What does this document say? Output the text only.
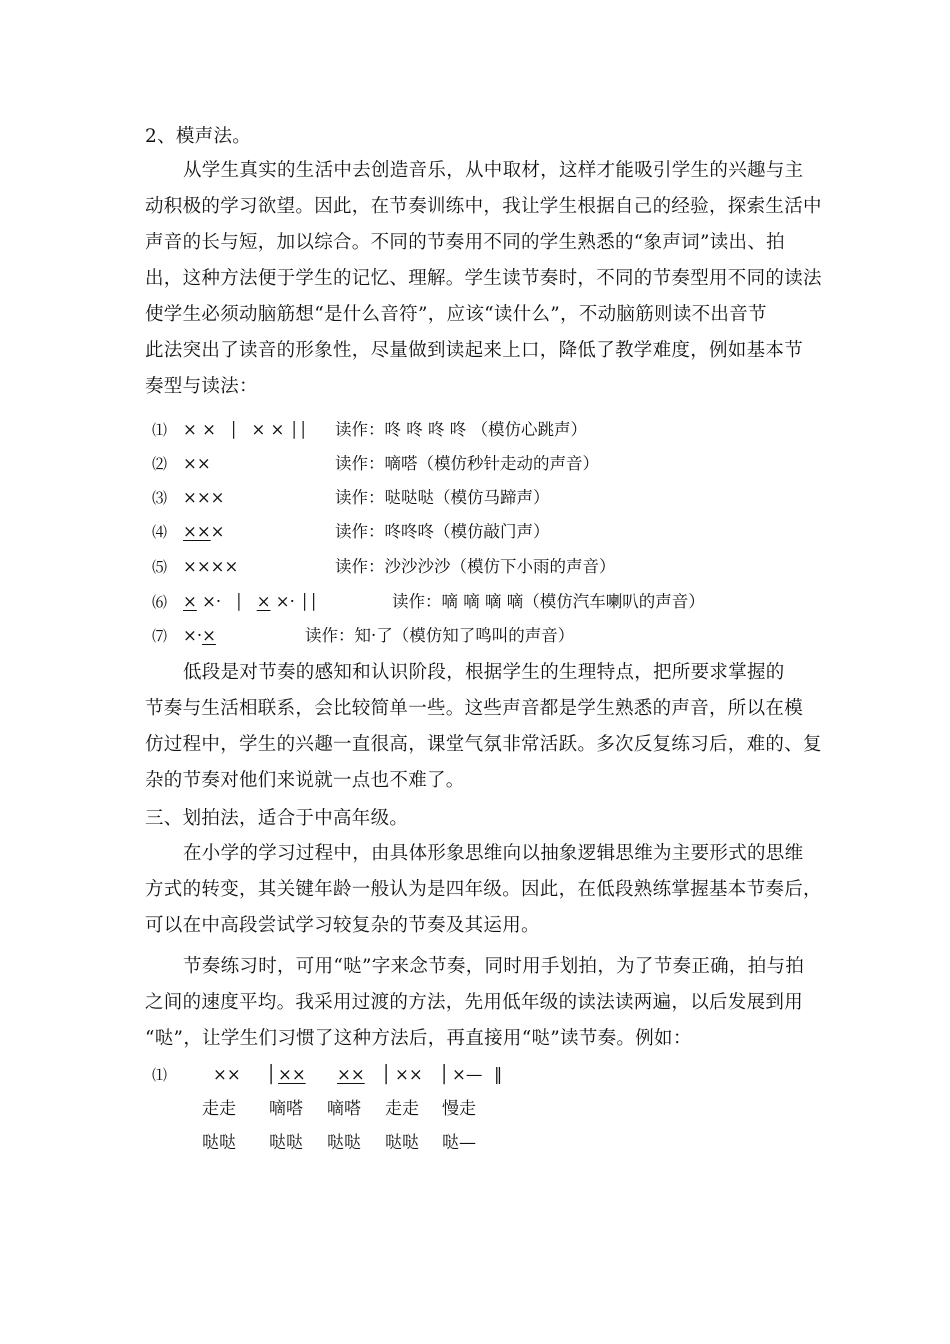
2、模声法。
从学生真实的生活中去创造音乐，从中取材，这样才能吸引学生的兴趣与主
动积极的学习欲望。因此，在节奏训练中，我让学生根据自己的经验，探索生活中
声音的长与短，加以综合。不同的节奏用不同的学生熟悉的“象声词”读出、拍
出，这种方法便于学生的记忆、理解。学生读节奏时，不同的节奏型用不同的读法
使学生必须动脑筋想“是什么音符”，应该“读什么”，不动脑筋则读不出音节
此法突出了读音的形象性，尽量做到读起来上口，降低了教学难度，例如基本节
奏型与读法：
⑴ × × │ × × ││ 读作：咚 咚 咚 咚 （模仿心跳声）
⑵ ××	读作：嘀嗒（模仿秒针走动的声音）
⑶ ×××	读作：哒哒哒（模仿马蹄声）
⑷ ×××	读作：咚咚咚（模仿敲门声）
⑸ ××××	读作：沙沙沙沙（模仿下小雨的声音）
⑹ × ×· │ × ×· ││	读作：嘀 嘀 嘀 嘀（模仿汽车喇叭的声音）
⑺ ×·×	读作：知·了（模仿知了鸣叫的声音）
低段是对节奏的感知和认识阶段，根据学生的生理特点，把所要求掌握的
节奏与生活相联系，会比较简单一些。这些声音都是学生熟悉的声音，所以在模
仿过程中，学生的兴趣一直很高，课堂气氛非常活跃。多次反复练习后，难的、复
杂的节奏对他们来说就一点也不难了。
三、划拍法，适合于中高年级。
在小学的学习过程中，由具体形象思维向以抽象逻辑思维为主要形式的思维
方式的转变，其关键年龄一般认为是四年级。因此，在低段熟练掌握基本节奏后，
可以在中高段尝试学习较复杂的节奏及其运用。
节奏练习时，可用“哒”字来念节奏，同时用手划拍，为了节奏正确，拍与拍
之间的速度平均。我采用过渡的方法，先用低年级的读法读两遍，以后发展到用
“哒”，让学生们习惯了这种方法后，再直接用“哒”读节奏。例如：
⑴	×× │ ×× ×× │ ×× │ ×— ‖
走走 嘀嗒 嘀嗒 走走 慢走
哒哒 哒哒 哒哒 哒哒 哒—
